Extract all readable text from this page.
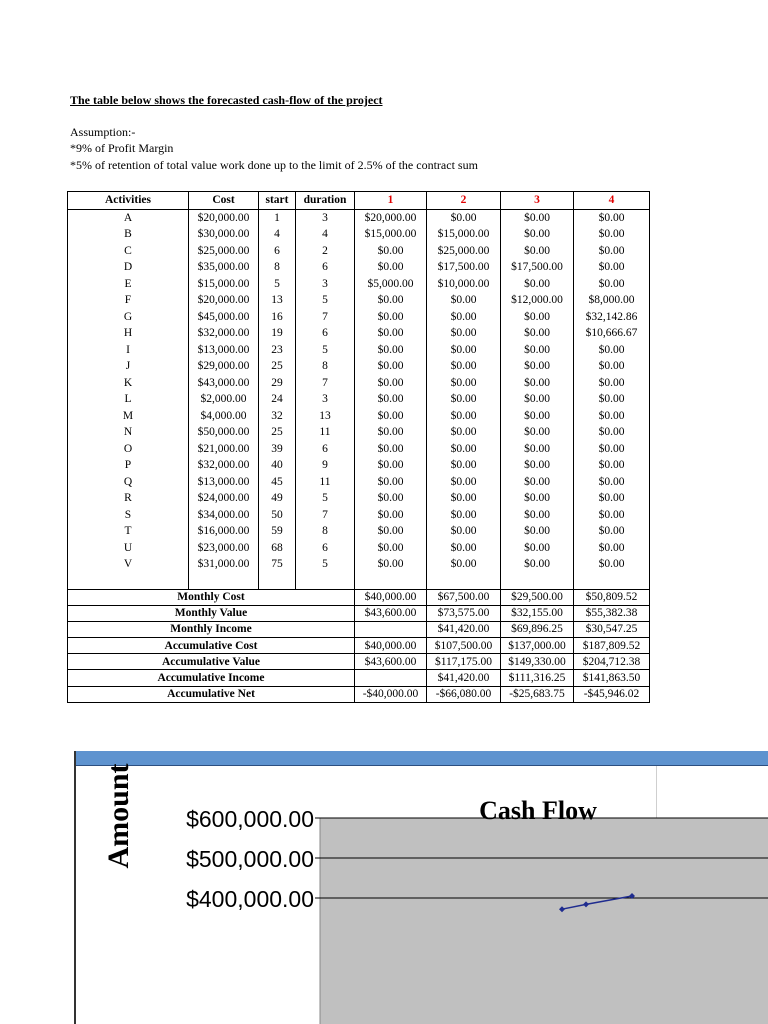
The table below shows the forecasted cash-flow of the project
Assumption:-
*9% of Profit Margin
*5% of retention of total value work done up to the limit of 2.5% of the contract sum
Activities	Cost	start	duration	1	2	3	4
A	$20,000.00	1	3	$20,000.00	$0.00	$0.00	$0.00
B	$30,000.00	4	4	$15,000.00	$15,000.00	$0.00	$0.00
C	$25,000.00	6	2	$0.00	$25,000.00	$0.00	$0.00
D	$35,000.00	8	6	$0.00	$17,500.00	$17,500.00	$0.00
E	$15,000.00	5	3	$5,000.00	$10,000.00	$0.00	$0.00
F	$20,000.00	13	5	$0.00	$0.00	$12,000.00	$8,000.00
G	$45,000.00	16	7	$0.00	$0.00	$0.00	$32,142.86
H	$32,000.00	19	6	$0.00	$0.00	$0.00	$10,666.67
I	$13,000.00	23	5	$0.00	$0.00	$0.00	$0.00
J	$29,000.00	25	8	$0.00	$0.00	$0.00	$0.00
K	$43,000.00	29	7	$0.00	$0.00	$0.00	$0.00
L	$2,000.00	24	3	$0.00	$0.00	$0.00	$0.00
M	$4,000.00	32	13	$0.00	$0.00	$0.00	$0.00
N	$50,000.00	25	11	$0.00	$0.00	$0.00	$0.00
O	$21,000.00	39	6	$0.00	$0.00	$0.00	$0.00
P	$32,000.00	40	9	$0.00	$0.00	$0.00	$0.00
Q	$13,000.00	45	11	$0.00	$0.00	$0.00	$0.00
R	$24,000.00	49	5	$0.00	$0.00	$0.00	$0.00
S	$34,000.00	50	7	$0.00	$0.00	$0.00	$0.00
T	$16,000.00	59	8	$0.00	$0.00	$0.00	$0.00
U	$23,000.00	68	6	$0.00	$0.00	$0.00	$0.00
V	$31,000.00	75	5	$0.00	$0.00	$0.00	$0.00

Monthly Cost				$40,000.00	$67,500.00	$29,500.00	$50,809.52
Monthly Value				$43,600.00	$73,575.00	$32,155.00	$55,382.38
Monthly Income					$41,420.00	$69,896.25	$30,547.25
Accumulative Cost				$40,000.00	$107,500.00	$137,000.00	$187,809.52
Accumulative Value				$43,600.00	$117,175.00	$149,330.00	$204,712.38
Accumulative Income					$41,420.00	$111,316.25	$141,863.50
Accumulative Net				-$40,000.00	-$66,080.00	-$25,683.75	-$45,946.02
Amount $600,000.00
$500,000.00
$400,000.00
Cash Flow
